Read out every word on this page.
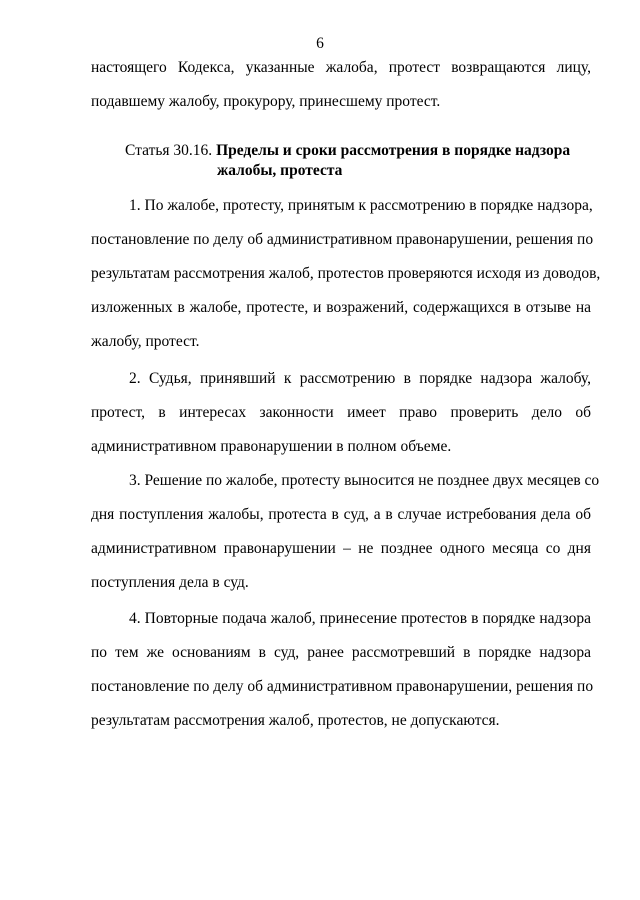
6
настоящего Кодекса, указанные жалоба, протест возвращаются лицу,
подавшему жалобу, прокурору, принесшему протест.
Статья 30.16. Пределы и сроки рассмотрения в порядке надзора
жалобы, протеста
1. По жалобе, протесту, принятым к рассмотрению в порядке надзора,
постановление по делу об административном правонарушении, решения по
результатам рассмотрения жалоб, протестов проверяются исходя из доводов,
изложенных в жалобе, протесте, и возражений, содержащихся в отзыве на
жалобу, протест.
2. Судья, принявший к рассмотрению в порядке надзора жалобу,
протест, в интересах законности имеет право проверить дело об
административном правонарушении в полном объеме.
3. Решение по жалобе, протесту выносится не позднее двух месяцев со
дня поступления жалобы, протеста в суд, а в случае истребования дела об
административном правонарушении – не позднее одного месяца со дня
поступления дела в суд.
4. Повторные подача жалоб, принесение протестов в порядке надзора
по тем же основаниям в суд, ранее рассмотревший в порядке надзора
постановление по делу об административном правонарушении, решения по
результатам рассмотрения жалоб, протестов, не допускаются.
